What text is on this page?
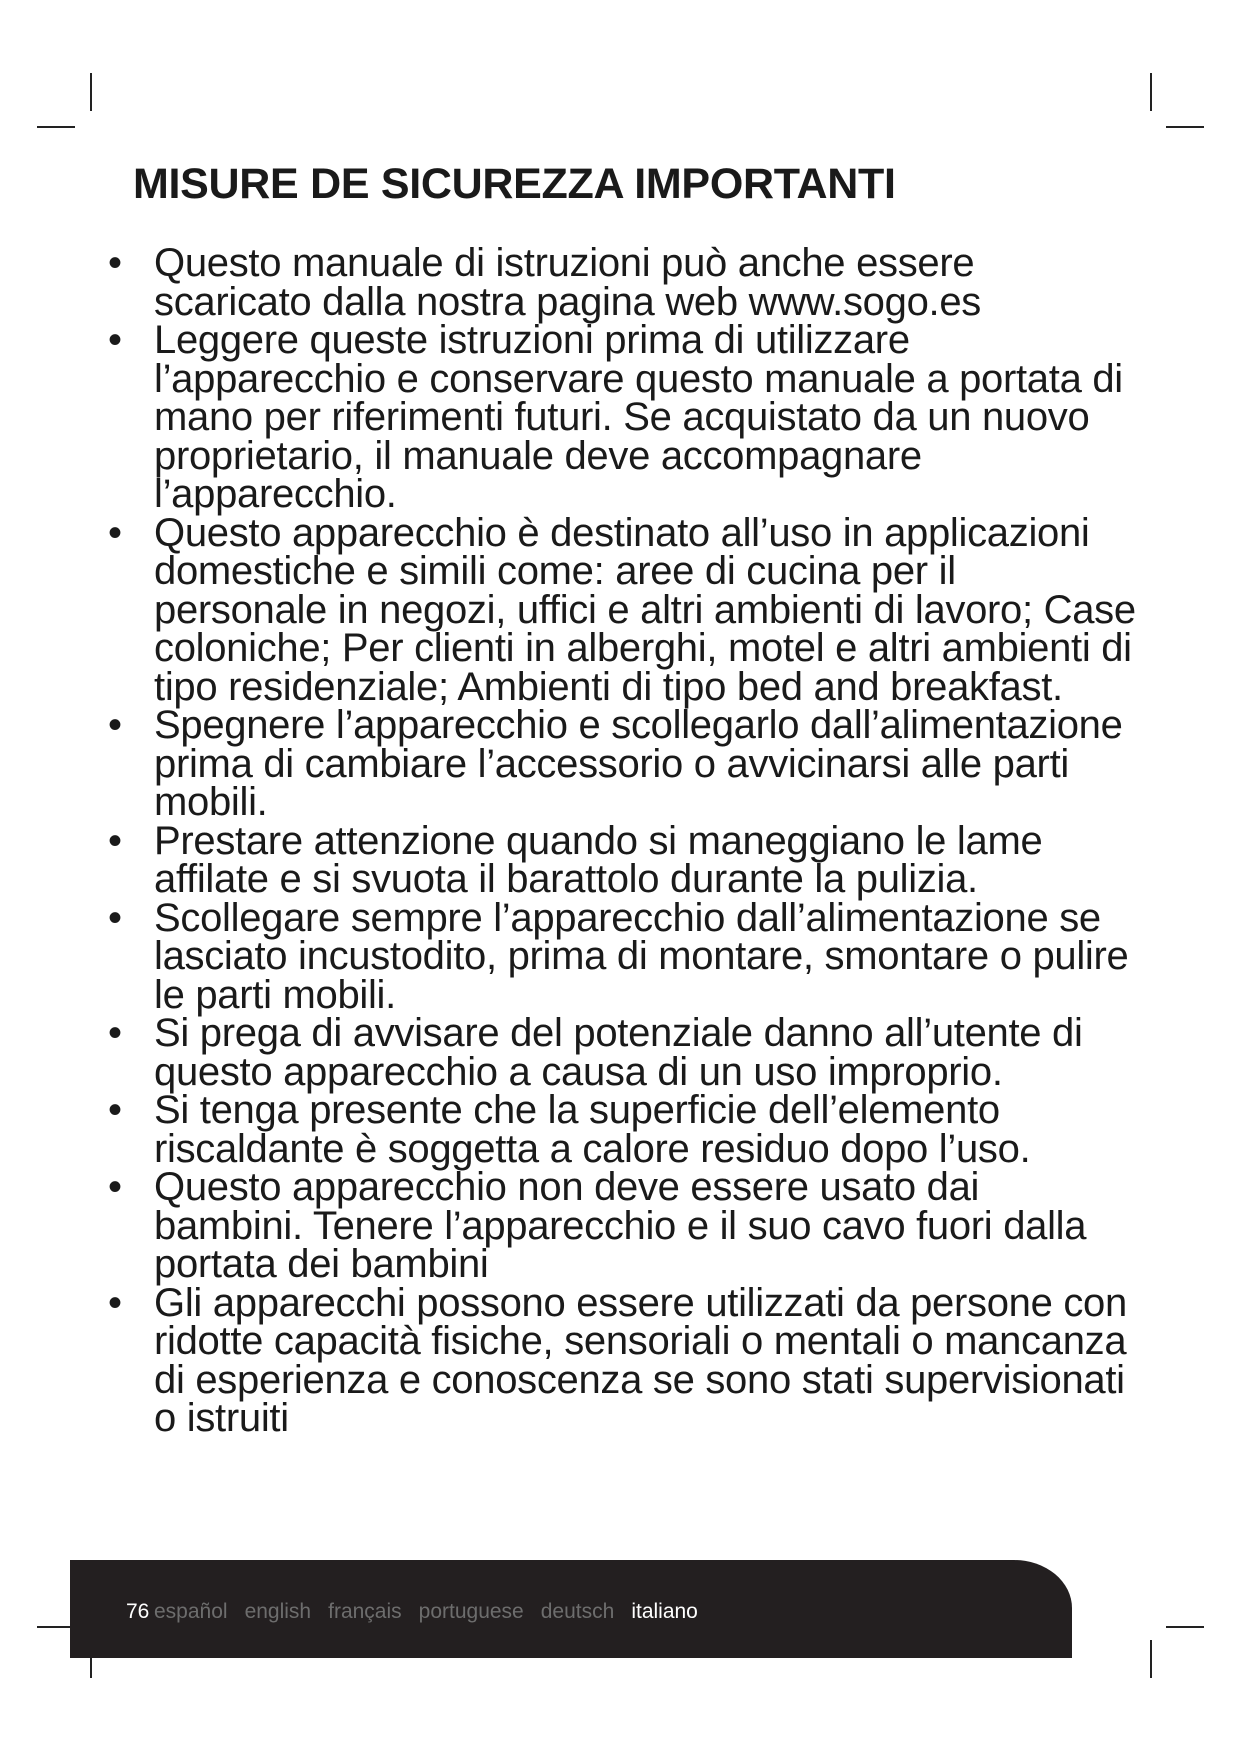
MISURE DE SICUREZZA IMPORTANTI
• Questo manuale di istruzioni può anche essere scaricato dalla nostra pagina web www.sogo.es
• Leggere queste istruzioni prima di utilizzare l’apparecchio e conservare questo manuale a portata di mano per riferimenti futuri. Se acquistato da un nuovo proprietario, il manuale deve accompagnare l’apparecchio.
• Questo apparecchio è destinato all’uso in applicazioni domestiche e simili come: aree di cucina per il personale in negozi, uffici e altri ambienti di lavoro; Case coloniche; Per clienti in alberghi, motel e altri ambienti di tipo residenziale; Ambienti di tipo bed and breakfast.
• Spegnere l’apparecchio e scollegarlo dall’alimentazione prima di cambiare l’accessorio o avvicinarsi alle parti mobili.
• Prestare attenzione quando si maneggiano le lame affilate e si svuota il barattolo durante la pulizia.
• Scollegare sempre l’apparecchio dall’alimentazione se lasciato incustodito, prima di montare, smontare o pulire le parti mobili.
• Si prega di avvisare del potenziale danno all’utente di questo apparecchio a causa di un uso improprio.
• Si tenga presente che la superficie dell’elemento riscaldante è soggetta a calore residuo dopo l’uso.
• Questo apparecchio non deve essere usato dai bambini. Tenere l’apparecchio e il suo cavo fuori dalla portata dei bambini
• Gli apparecchi possono essere utilizzati da persone con ridotte capacità fisiche, sensoriali o mentali o mancanza di esperienza e conoscenza se sono stati supervisionati o istruiti
76 español english français portuguese deutsch italiano
